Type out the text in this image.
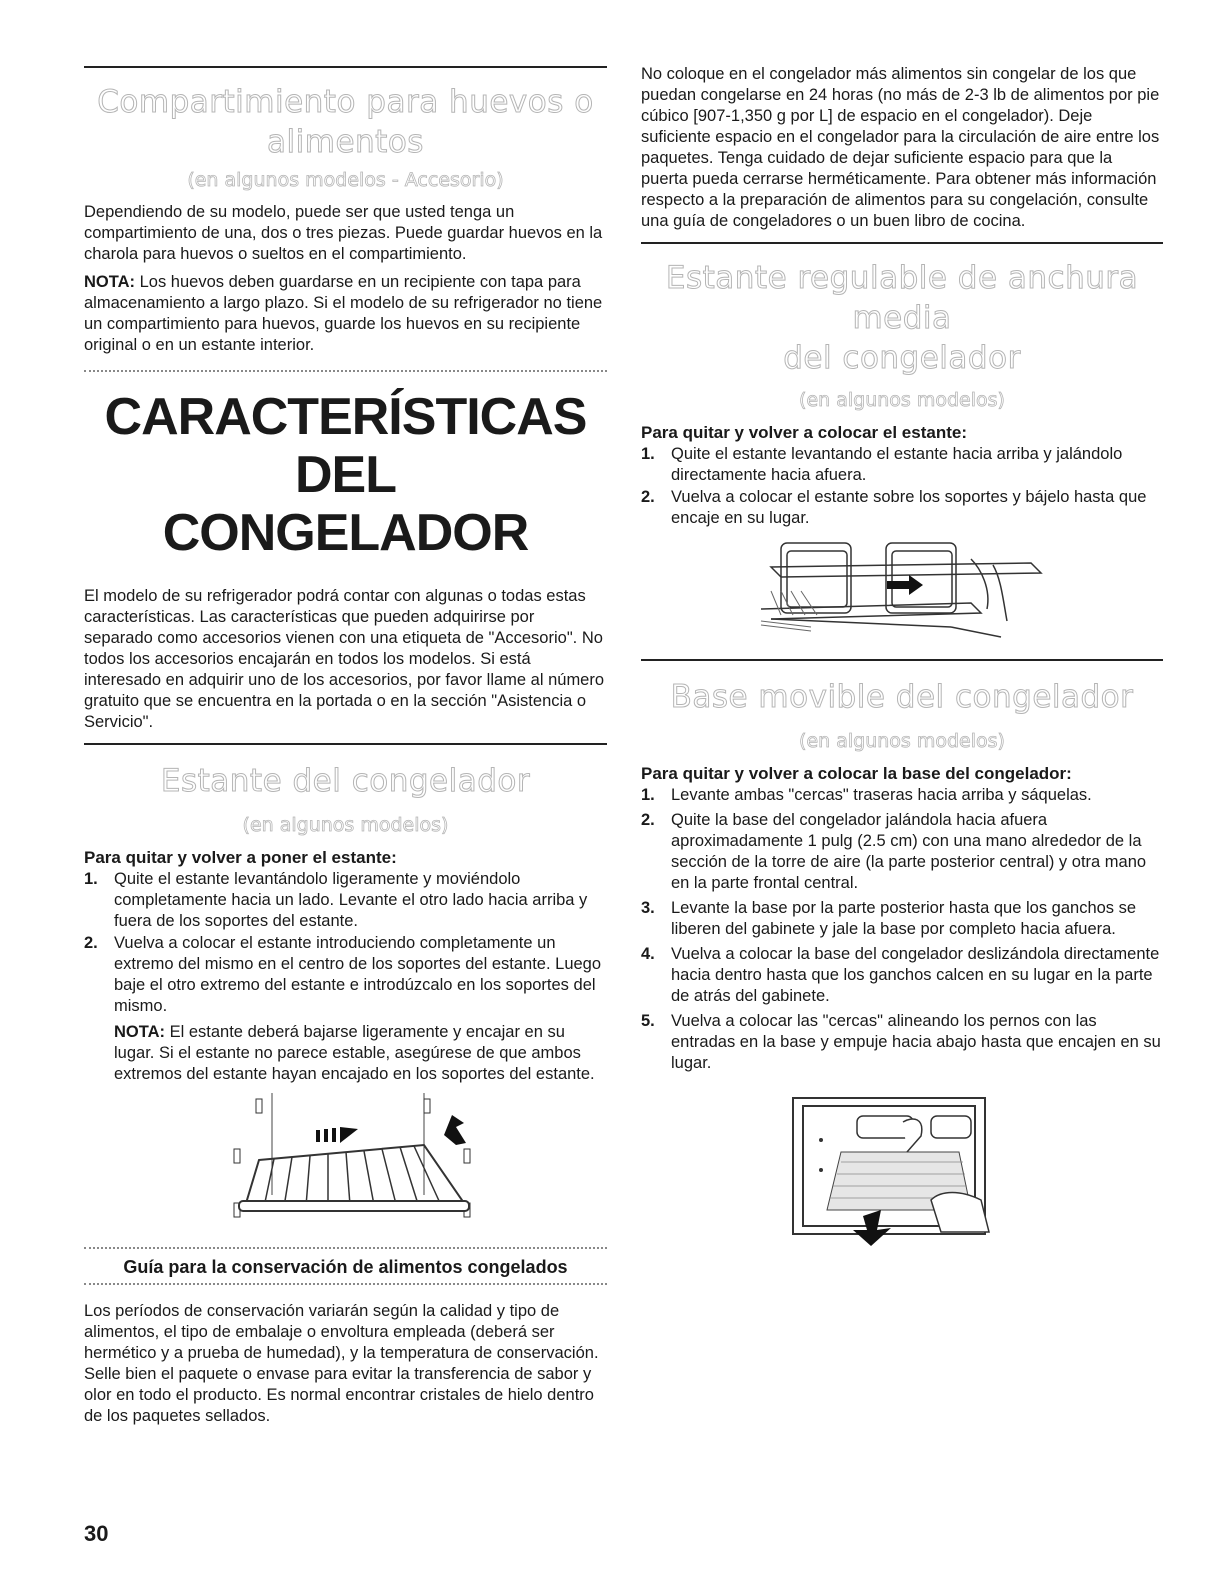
Compartimiento para huevos o
alimentos
(en algunos modelos - Accesorio)

Dependiendo de su modelo, puede ser que usted tenga un compartimiento de una, dos o tres piezas. Puede guardar huevos en la charola para huevos o sueltos en el compartimiento.

NOTA: Los huevos deben guardarse en un recipiente con tapa para almacenamiento a largo plazo. Si el modelo de su refrigerador no tiene un compartimiento para huevos, guarde los huevos en su recipiente original o en un estante interior.

CARACTERÍSTICAS DEL
CONGELADOR

El modelo de su refrigerador podrá contar con algunas o todas estas características. Las características que pueden adquirirse por separado como accesorios vienen con una etiqueta de "Accesorio". No todos los accesorios encajarán en todos los modelos. Si está interesado en adquirir uno de los accesorios, por favor llame al número gratuito que se encuentra en la portada o en la sección "Asistencia o Servicio".

Estante del congelador
(en algunos modelos)
Para quitar y volver a poner el estante:
1. Quite el estante levantándolo ligeramente y moviéndolo completamente hacia un lado. Levante el otro lado hacia arriba y fuera de los soportes del estante.
2. Vuelva a colocar el estante introduciendo completamente un extremo del mismo en el centro de los soportes del estante. Luego baje el otro extremo del estante e introdúzcalo en los soportes del mismo.

NOTA: El estante deberá bajarse ligeramente y encajar en su lugar. Si el estante no parece estable, asegúrese de que ambos extremos del estante hayan encajado en los soportes del estante.

Guía para la conservación de alimentos congelados

Los períodos de conservación variarán según la calidad y tipo de alimentos, el tipo de embalaje o envoltura empleada (deberá ser hermético y a prueba de humedad), y la temperatura de conservación. Selle bien el paquete o envase para evitar la transferencia de sabor y olor en todo el producto. Es normal encontrar cristales de hielo dentro de los paquetes sellados.

No coloque en el congelador más alimentos sin congelar de los que puedan congelarse en 24 horas (no más de 2-3 lb de alimentos por pie cúbico [907-1,350 g por L] de espacio en el congelador). Deje suficiente espacio en el congelador para la circulación de aire entre los paquetes. Tenga cuidado de dejar suficiente espacio para que la puerta pueda cerrarse herméticamente. Para obtener más información respecto a la preparación de alimentos para su congelación, consulte una guía de congeladores o un buen libro de cocina.

Estante regulable de anchura media
del congelador
(en algunos modelos)
Para quitar y volver a colocar el estante:
1. Quite el estante levantando el estante hacia arriba y jalándolo directamente hacia afuera.
2. Vuelva a colocar el estante sobre los soportes y bájelo hasta que encaje en su lugar.
Base movible del congelador
(en algunos modelos)
Para quitar y volver a colocar la base del congelador:
1. Levante ambas "cercas" traseras hacia arriba y sáquelas.
2. Quite la base del congelador jalándola hacia afuera aproximadamente 1 pulg (2.5 cm) con una mano alrededor de la sección de la torre de aire (la parte posterior central) y otra mano en la parte frontal central.
3. Levante la base por la parte posterior hasta que los ganchos se liberen del gabinete y jale la base por completo hacia afuera.
4. Vuelva a colocar la base del congelador deslizándola directamente hacia dentro hasta que los ganchos calcen en su lugar en la parte de atrás del gabinete.
5. Vuelva a colocar las "cercas" alineando los pernos con las entradas en la base y empuje hacia abajo hasta que encajen en su lugar.
30
